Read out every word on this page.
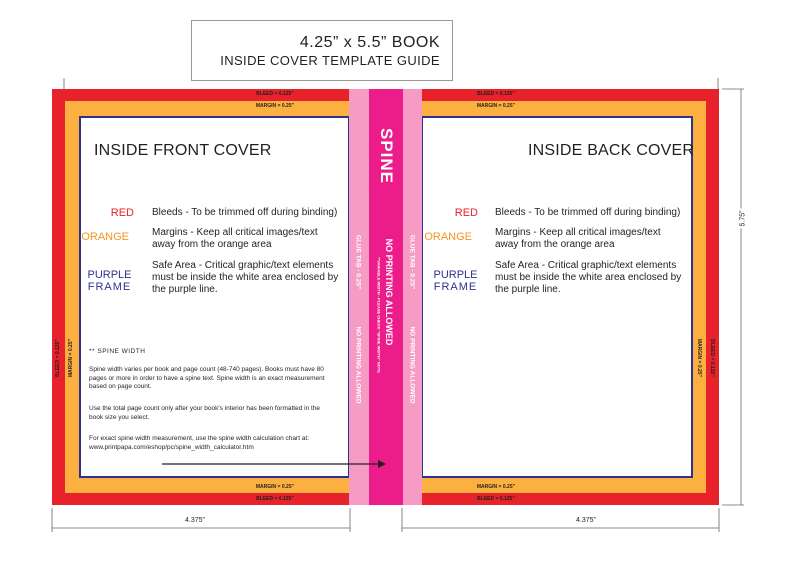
4.25” x 5.5” BOOK
INSIDE COVER TEMPLATE GUIDE
BLEED = 0.125”
MARGIN = 0.25”
BLEED = 0.125”
MARGIN = 0.25”
MARGIN = 0.25”
BLEED = 0.125”
MARGIN = 0.25”
BLEED = 0.125”
BLEED = 0.125” MARGIN = 0.25”	MARGIN = 0.25” BLEED = 0.125”
INSIDE FRONT COVER
RED Bleeds - To be trimmed off during binding)
ORANGE Margins - Keep all critical images/text away from the orange area
PURPLE
FRAME
Safe Area - Critical graphic/text elements must be inside the white area enclosed by the purple line.
** SPINE WIDTH
Spine width varies per book and page count (48-740 pages). Books must have 80 pages or more in order to have a spine text. Spine width is an exact measurement based on page count.
Use the total page count only after your book's interior has been formatted in the book size you select.
For exact spine width measurement, use the spine width calculation chart at: www.printpapa.com/eshop/pc/spine_width_calculator.htm
INSIDE BACK COVER
RED Bleeds - To be trimmed off during binding)
ORANGE Margins - Keep all critical images/text away from the orange area
PURPLE
FRAME
Safe Area - Critical graphic/text elements must be inside the white area enclosed by the purple line.
SPINE
NO PRINTING ALLOWED
**VARIABLE WIDTH - PLEASE CHECK "SPINE WIDTH" NOTE
GLUE TAB - 0.25"
NO PRINTING ALLOWED
GLUE TAB - 0.25"
NO PRINTING ALLOWED
4.375”	4.375”
5.75”
